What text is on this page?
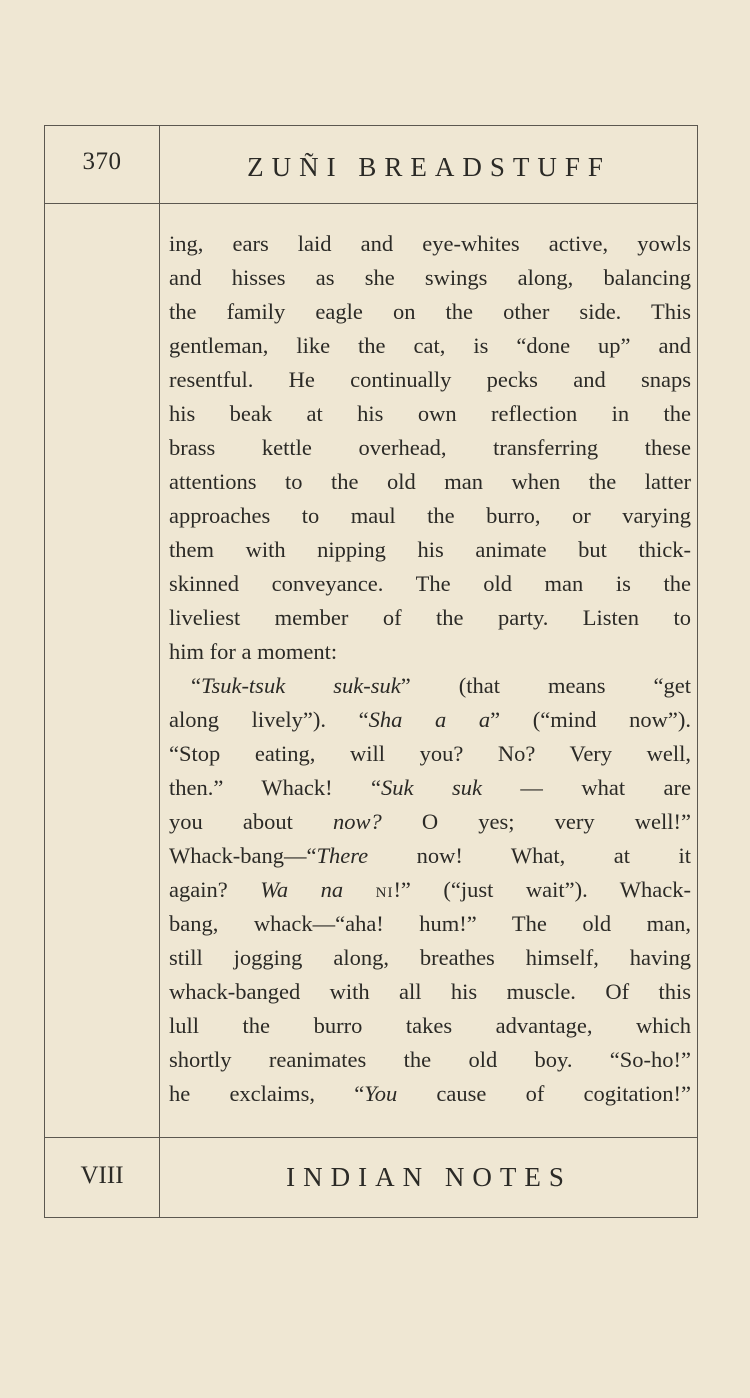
370	ZUÑI BREADSTUFF
ing, ears laid and eye-whites active, yowls
and hisses as she swings along, balancing
the family eagle on the other side. This
gentleman, like the cat, is “done up” and
resentful. He continually pecks and snaps
his beak at his own reflection in the
brass kettle overhead, transferring these
attentions to the old man when the latter
approaches to maul the burro, or varying
them with nipping his animate but thick-
skinned conveyance. The old man is the
liveliest member of the party. Listen to
him for a moment:
“Tsuk-tsuk suk-suk” (that means “get
along lively”). “Sha a a” (“mind now”).
“Stop eating, will you? No? Very well,
then.” Whack! “Suk suk — what are
you about now? O yes; very well!”
Whack-bang—“There now! What, at it
again? Wa na NI!” (“just wait”). Whack-
bang, whack—“aha! hum!” The old man,
still jogging along, breathes himself, having
whack-banged with all his muscle. Of this
lull the burro takes advantage, which
shortly reanimates the old boy. “So-ho!”
he exclaims, “You cause of cogitation!”
VIII	INDIAN NOTES
